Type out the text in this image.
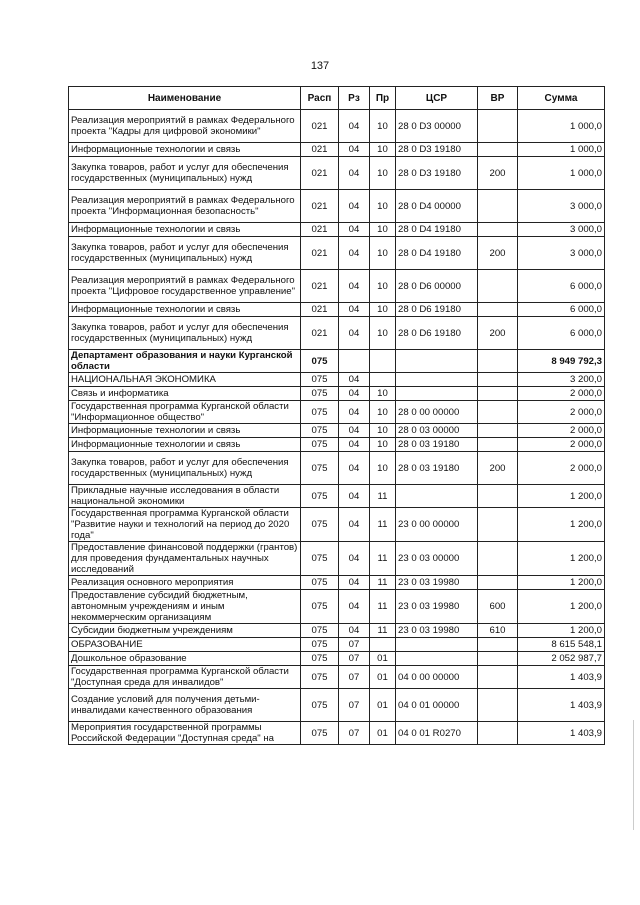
137
Наименование	Расп	Рз	Пр	ЦСР	ВР	Сумма
Реализация мероприятий в рамках Федерального проекта "Кадры для цифровой экономики"	021	04	10	28 0 D3 00000		1 000,0
Информационные технологии и связь	021	04	10	28 0 D3 19180		1 000,0
Закупка товаров, работ и услуг для обеспечения государственных (муниципальных) нужд	021	04	10	28 0 D3 19180	200	1 000,0
Реализация мероприятий в рамках Федерального проекта "Информационная безопасность"	021	04	10	28 0 D4 00000		3 000,0
Информационные технологии и связь	021	04	10	28 0 D4 19180		3 000,0
Закупка товаров, работ и услуг для обеспечения государственных (муниципальных) нужд	021	04	10	28 0 D4 19180	200	3 000,0
Реализация мероприятий в рамках Федерального проекта "Цифровое государственное управление"	021	04	10	28 0 D6 00000		6 000,0
Информационные технологии и связь	021	04	10	28 0 D6 19180		6 000,0
Закупка товаров, работ и услуг для обеспечения государственных (муниципальных) нужд	021	04	10	28 0 D6 19180	200	6 000,0
Департамент образования и науки Курганской области	075					8 949 792,3
НАЦИОНАЛЬНАЯ ЭКОНОМИКА	075	04				3 200,0
Связь и информатика	075	04	10			2 000,0
Государственная программа Курганской области "Информационное общество"	075	04	10	28 0 00 00000		2 000,0
Информационные технологии и связь	075	04	10	28 0 03 00000		2 000,0
Информационные технологии и связь	075	04	10	28 0 03 19180		2 000,0
Закупка товаров, работ и услуг для обеспечения государственных (муниципальных) нужд	075	04	10	28 0 03 19180	200	2 000,0
Прикладные научные исследования в области национальной экономики	075	04	11			1 200,0
Государственная программа Курганской области "Развитие науки и технологий на период до 2020 года"	075	04	11	23 0 00 00000		1 200,0
Предоставление финансовой поддержки (грантов) для проведения фундаментальных научных исследований	075	04	11	23 0 03 00000		1 200,0
Реализация основного мероприятия	075	04	11	23 0 03 19980		1 200,0
Предоставление субсидий бюджетным, автономным учреждениям и иным некоммерческим организациям	075	04	11	23 0 03 19980	600	1 200,0
Субсидии бюджетным учреждениям	075	04	11	23 0 03 19980	610	1 200,0
ОБРАЗОВАНИЕ	075	07				8 615 548,1
Дошкольное образование	075	07	01			2 052 987,7
Государственная программа Курганской области "Доступная среда для инвалидов"	075	07	01	04 0 00 00000		1 403,9
Создание условий для получения детьми-инвалидами качественного образования	075	07	01	04 0 01 00000		1 403,9
Мероприятия государственной программы Российской Федерации "Доступная среда" на	075	07	01	04 0 01 R0270		1 403,9
